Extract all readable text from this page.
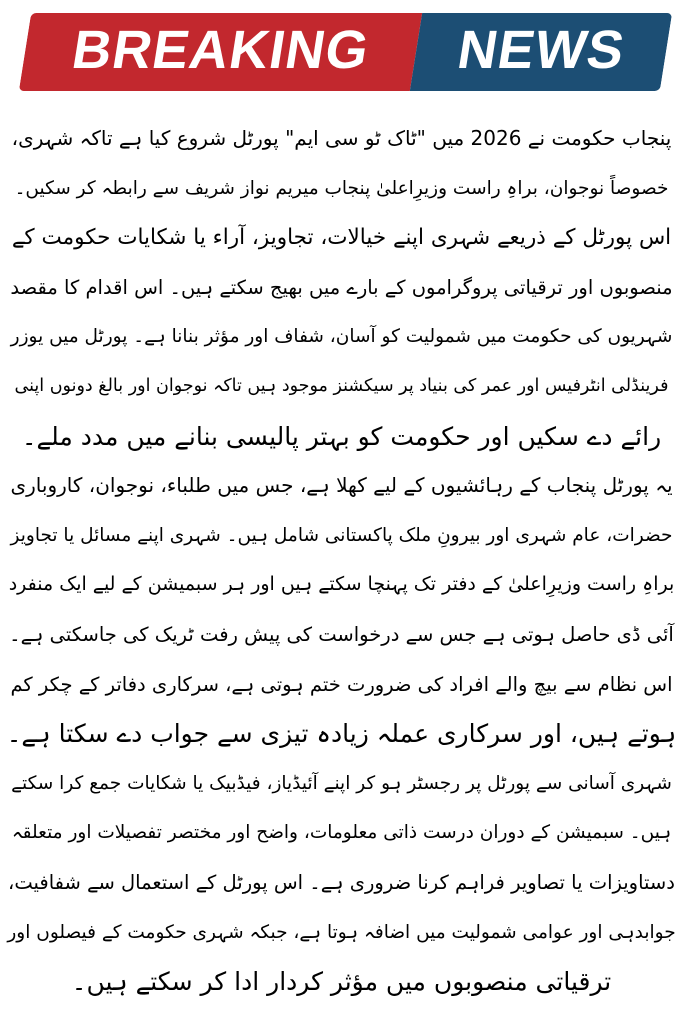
BREAKING NEWS
پنجاب حکومت نے 2026 میں "ٹاک ٹو سی ایم" پورٹل شروع کیا ہے تاکہ شہری،
خصوصاً نوجوان، براہِ راست وزیرِاعلیٰ پنجاب میریم نواز شریف سے رابطہ کر سکیں۔
اس پورٹل کے ذریعے شہری اپنے خیالات، تجاویز، آراء یا شکایات حکومت کے
منصوبوں اور ترقیاتی پروگراموں کے بارے میں بھیج سکتے ہیں۔ اس اقدام کا مقصد
شہریوں کی حکومت میں شمولیت کو آسان، شفاف اور مؤثر بنانا ہے۔ پورٹل میں یوزر
فرینڈلی انٹرفیس اور عمر کی بنیاد پر سیکشنز موجود ہیں تاکہ نوجوان اور بالغ دونوں اپنی
رائے دے سکیں اور حکومت کو بہتر پالیسی بنانے میں مدد ملے۔
یہ پورٹل پنجاب کے رہائشیوں کے لیے کھلا ہے، جس میں طلباء، نوجوان، کاروباری
حضرات، عام شہری اور بیرونِ ملک پاکستانی شامل ہیں۔ شہری اپنے مسائل یا تجاویز
براہِ راست وزیرِاعلیٰ کے دفتر تک پہنچا سکتے ہیں اور ہر سبمیشن کے لیے ایک منفرد
آئی ڈی حاصل ہوتی ہے جس سے درخواست کی پیش رفت ٹریک کی جاسکتی ہے۔
اس نظام سے بیچ والے افراد کی ضرورت ختم ہوتی ہے، سرکاری دفاتر کے چکر کم
ہوتے ہیں، اور سرکاری عملہ زیادہ تیزی سے جواب دے سکتا ہے۔
شہری آسانی سے پورٹل پر رجسٹر ہو کر اپنے آئیڈیاز، فیڈبیک یا شکایات جمع کرا سکتے
ہیں۔ سبمیشن کے دوران درست ذاتی معلومات، واضح اور مختصر تفصیلات اور متعلقہ
دستاویزات یا تصاویر فراہم کرنا ضروری ہے۔ اس پورٹل کے استعمال سے شفافیت،
جوابدہی اور عوامی شمولیت میں اضافہ ہوتا ہے، جبکہ شہری حکومت کے فیصلوں اور
ترقیاتی منصوبوں میں مؤثر کردار ادا کر سکتے ہیں۔
